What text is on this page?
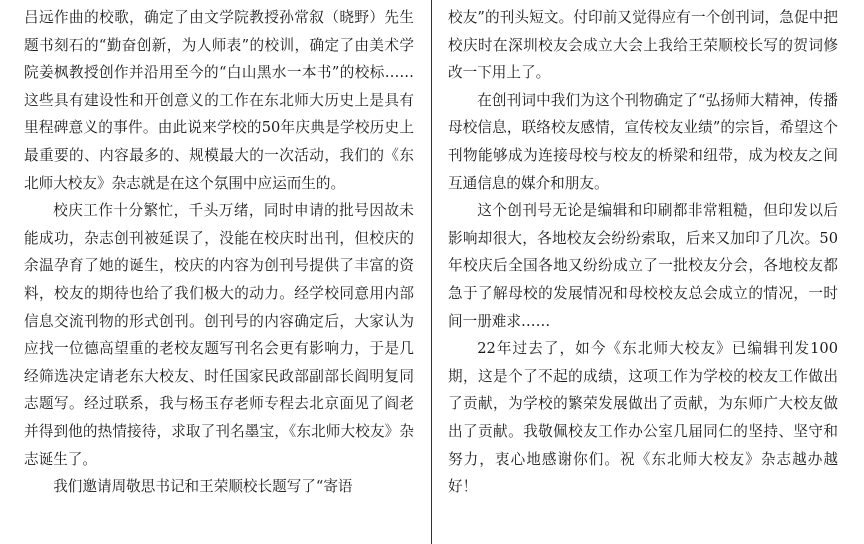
吕远作曲的校歌，确定了由文学院教授孙常叙（晓野）先生题书刻石的“勤奋创新，为人师表”的校训，确定了由美术学院姜枫教授创作并沿用至今的“白山黑水一本书”的校标……这些具有建设性和开创意义的工作在东北师大历史上是具有里程碑意义的事件。由此说来学校的50年庆典是学校历史上最重要的、内容最多的、规模最大的一次活动，我们的《东北师大校友》杂志就是在这个氛围中应运而生的。

校庆工作十分繁忙，千头万绪，同时申请的批号因故未能成功，杂志创刊被延误了，没能在校庆时出刊，但校庆的余温孕育了她的诞生，校庆的内容为创刊号提供了丰富的资料，校友的期待也给了我们极大的动力。经学校同意用内部信息交流刊物的形式创刊。创刊号的内容确定后，大家认为应找一位德高望重的老校友题写刊名会更有影响力，于是几经筛选决定请老东大校友、时任国家民政部副部长阎明复同志题写。经过联系，我与杨玉存老师专程去北京面见了阎老并得到他的热情接待，求取了刊名墨宝，《东北师大校友》杂志诞生了。

我们邀请周敬思书记和王荣顺校长题写了“寄语

校友”的刊头短文。付印前又觉得应有一个创刊词，急促中把校庆时在深圳校友会成立大会上我给王荣顺校长写的贺词修改一下用上了。

在创刊词中我们为这个刊物确定了“弘扬师大精神，传播母校信息，联络校友感情，宣传校友业绩”的宗旨，希望这个刊物能够成为连接母校与校友的桥梁和纽带，成为校友之间互通信息的媒介和朋友。

这个创刊号无论是编辑和印刷都非常粗糙，但印发以后影响却很大，各地校友会纷纷索取，后来又加印了几次。50年校庆后全国各地又纷纷成立了一批校友分会，各地校友都急于了解母校的发展情况和母校校友总会成立的情况，一时间一册难求……

22年过去了，如今《东北师大校友》已编辑刊发100期，这是个了不起的成绩，这项工作为学校的校友工作做出了贡献，为学校的繁荣发展做出了贡献，为东师广大校友做出了贡献。我敬佩校友工作办公室几届同仁的坚持、坚守和努力，衷心地感谢你们。祝《东北师大校友》杂志越办越好！
